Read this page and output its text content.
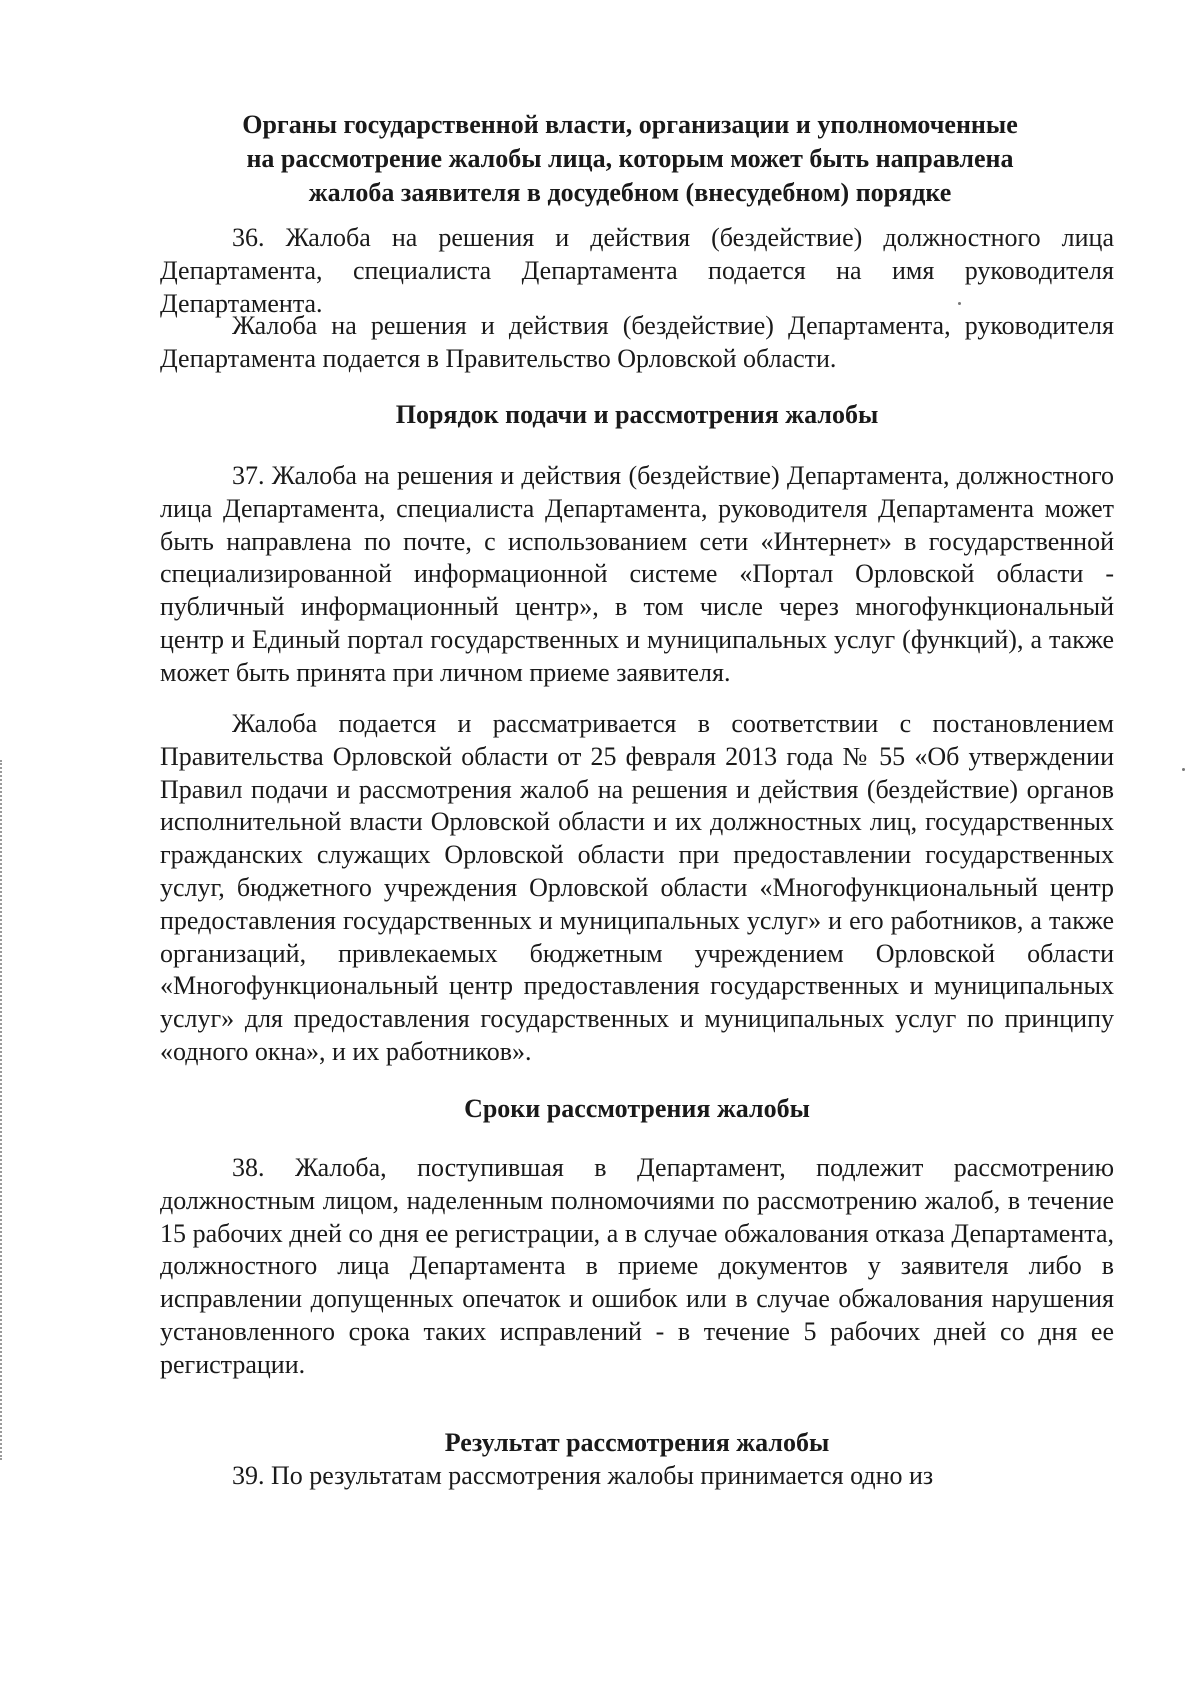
Органы государственной власти, организации и уполномоченные
на рассмотрение жалобы лица, которым может быть направлена
жалоба заявителя в досудебном (внесудебном) порядке

36. Жалоба на решения и действия (бездействие) должностного лица Департамента, специалиста Департамента подается на имя руководителя Департамента.

Жалоба на решения и действия (бездействие) Департамента, руководителя Департамента подается в Правительство Орловской области.

Порядок подачи и рассмотрения жалобы

37. Жалоба на решения и действия (бездействие) Департамента, должностного лица Департамента, специалиста Департамента, руководителя Департамента может быть направлена по почте, с использованием сети «Интернет» в государственной специализированной информационной системе «Портал Орловской области - публичный информационный центр», в том числе через многофункциональный центр и Единый портал государственных и муниципальных услуг (функций), а также может быть принята при личном приеме заявителя.

Жалоба подается и рассматривается в соответствии с постановлением Правительства Орловской области от 25 февраля 2013 года № 55 «Об утверждении Правил подачи и рассмотрения жалоб на решения и действия (бездействие) органов исполнительной власти Орловской области и их должностных лиц, государственных гражданских служащих Орловской области при предоставлении государственных услуг, бюджетного учреждения Орловской области «Многофункциональный центр предоставления государственных и муниципальных услуг» и его работников, а также организаций, привлекаемых бюджетным учреждением Орловской области «Многофункциональный центр предоставления государственных и муниципальных услуг» для предоставления государственных и муниципальных услуг по принципу «одного окна», и их работников».

Сроки рассмотрения жалобы

38. Жалоба, поступившая в Департамент, подлежит рассмотрению должностным лицом, наделенным полномочиями по рассмотрению жалоб, в течение 15 рабочих дней со дня ее регистрации, а в случае обжалования отказа Департамента, должностного лица Департамента в приеме документов у заявителя либо в исправлении допущенных опечаток и ошибок или в случае обжалования нарушения установленного срока таких исправлений - в течение 5 рабочих дней со дня ее регистрации.

Результат рассмотрения жалобы

39. По результатам рассмотрения жалобы принимается одно из
